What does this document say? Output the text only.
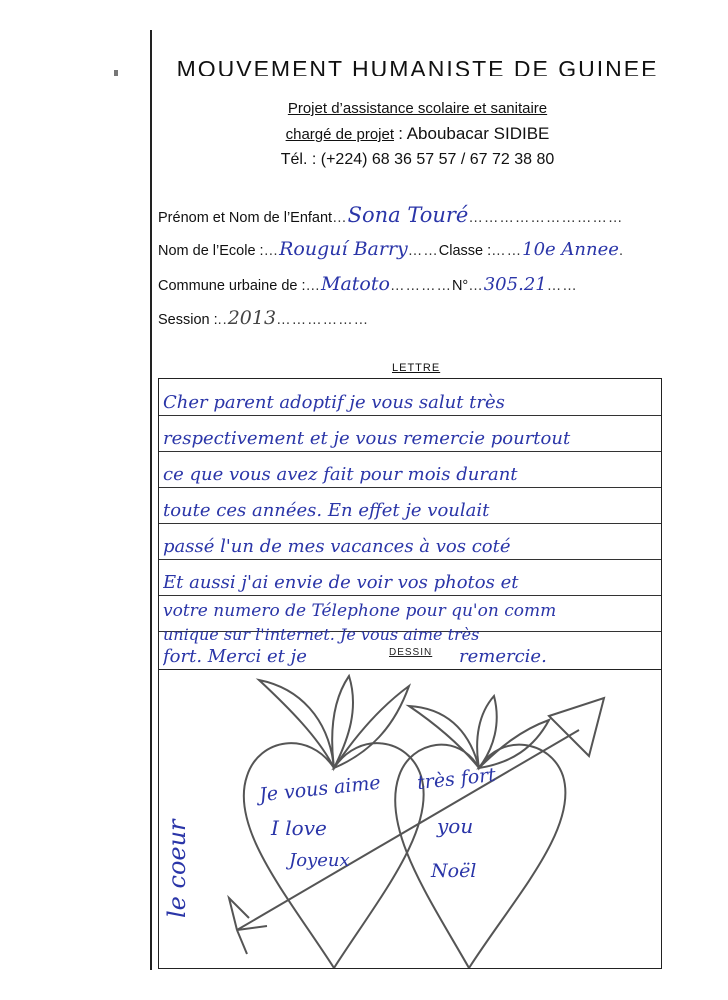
MOUVEMENT HUMANISTE DE GUINEE
Projet d’assistance scolaire et sanitaire
chargé de projet : Aboubacar SIDIBE
Tél. : (+224) 68 36 57 57 / 67 72 38 80
Prénom et Nom de l’Enfant…Sona Touré…………………………
Nom de l’Ecole :…Rouguí Barry……Classe :……10e Annee.
Commune urbaine de :…Matoto…………N°…305.21……
Session :..2013………………
LETTRE
Cher parent adoptif je vous salut très
respectivement et je vous remercie pourtout
ce que vous avez fait pour mois durant
toute ces années. En effet je voulait
passé l'un de mes vacances à vos coté
Et aussi j'ai envie de voir vos photos et
votre numero de Télephone pour qu'on comm
unique sur l'internet. Je vous aime très
fort. Merci et je	DESSIN remercie.
le coeur
Je vous aime très fort
I love	you
Joyeux	Noël
